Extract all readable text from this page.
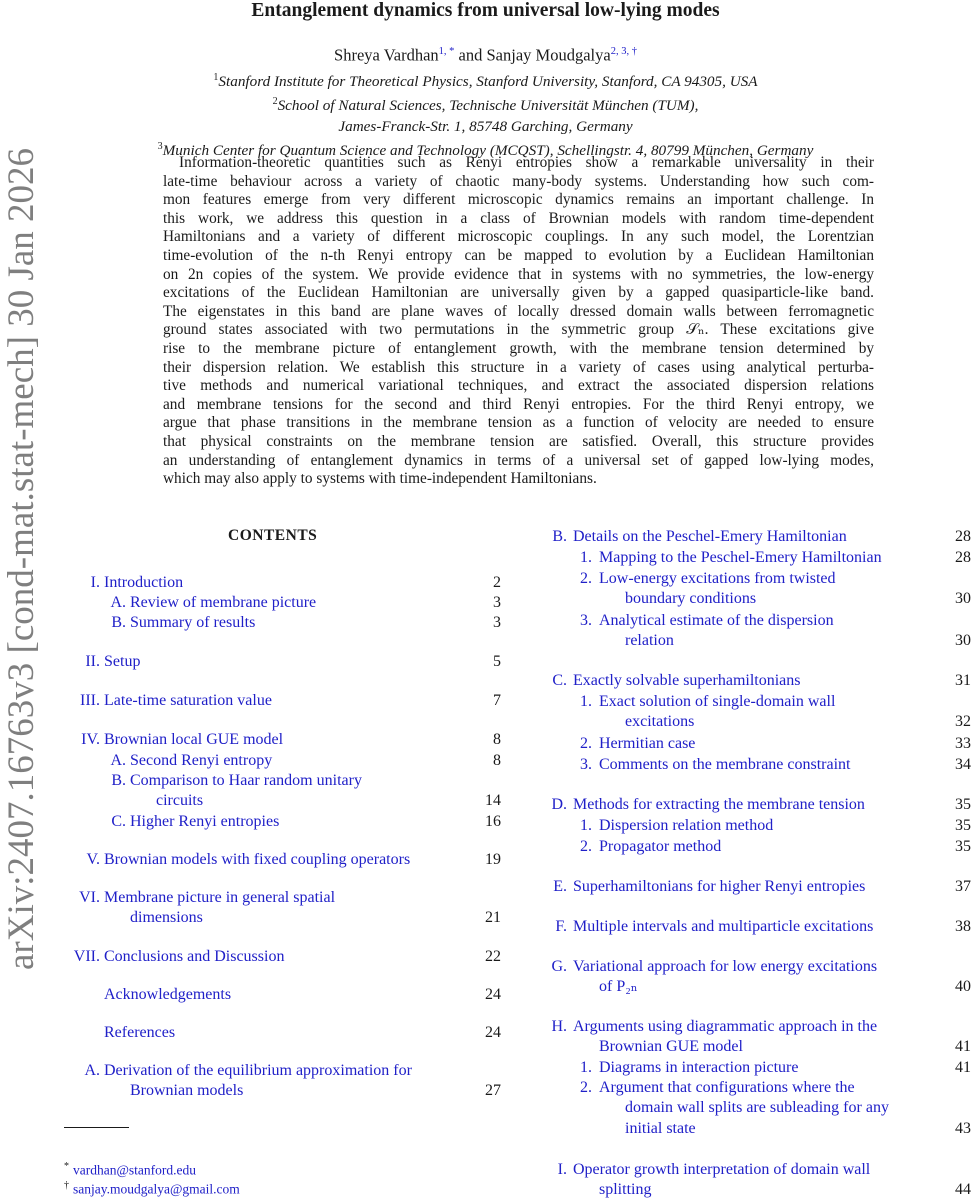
arXiv:2407.16763v3 [cond-mat.stat-mech] 30 Jan 2026
Entanglement dynamics from universal low-lying modes
Shreya Vardhan$^{1, *}$ and Sanjay Moudgalya$^{2, 3, \dagger}$
$^1$Stanford Institute for Theoretical Physics, Stanford University, Stanford, CA 94305, USA
$^2$School of Natural Sciences, Technische Universität München (TUM),
James-Franck-Str. 1, 85748 Garching, Germany
$^3$Munich Center for Quantum Science and Technology (MCQST), Schellingstr. 4, 80799 München, Germany
Information-theoretic quantities such as Renyi entropies show a remarkable universality in their
late-time behaviour across a variety of chaotic many-body systems. Understanding how such com-
mon features emerge from very different microscopic dynamics remains an important challenge. In
this work, we address this question in a class of Brownian models with random time-dependent
Hamiltonians and a variety of different microscopic couplings. In any such model, the Lorentzian
time-evolution of the n-th Renyi entropy can be mapped to evolution by a Euclidean Hamiltonian
on 2n copies of the system. We provide evidence that in systems with no symmetries, the low-energy
excitations of the Euclidean Hamiltonian are universally given by a gapped quasiparticle-like band.
The eigenstates in this band are plane waves of locally dressed domain walls between ferromagnetic
ground states associated with two permutations in the symmetric group 𝒮ₙ. These excitations give
rise to the membrane picture of entanglement growth, with the membrane tension determined by
their dispersion relation. We establish this structure in a variety of cases using analytical perturba-
tive methods and numerical variational techniques, and extract the associated dispersion relations
and membrane tensions for the second and third Renyi entropies. For the third Renyi entropy, we
argue that phase transitions in the membrane tension as a function of velocity are needed to ensure
that physical constraints on the membrane tension are satisfied. Overall, this structure provides
an understanding of entanglement dynamics in terms of a universal set of gapped low-lying modes,
which may also apply to systems with time-independent Hamiltonians.
CONTENTS
I. Introduction	2
A. Review of membrane picture	3
B. Summary of results	3
II. Setup	5
III. Late-time saturation value	7
IV. Brownian local GUE model	8
A. Second Renyi entropy	8
B. Comparison to Haar random unitary
circuits	14
C. Higher Renyi entropies	16
V. Brownian models with fixed coupling operators	19
VI. Membrane picture in general spatial
dimensions	21
VII. Conclusions and Discussion	22
Acknowledgements	24
References	24
A. Derivation of the equilibrium approximation for
Brownian models	27
B. Details on the Peschel-Emery Hamiltonian	28
1. Mapping to the Peschel-Emery Hamiltonian	28
2. Low-energy excitations from twisted
boundary conditions	30
3. Analytical estimate of the dispersion
relation	30
C. Exactly solvable superhamiltonians	31
1. Exact solution of single-domain wall
excitations	32
2. Hermitian case	33
3. Comments on the membrane constraint	34
D. Methods for extracting the membrane tension	35
1. Dispersion relation method	35
2. Propagator method	35
E. Superhamiltonians for higher Renyi entropies	37
F. Multiple intervals and multiparticle excitations	38
G. Variational approach for low energy excitations
of P₂ₙ	40
H. Arguments using diagrammatic approach in the
Brownian GUE model	41
1. Diagrams in interaction picture	41
2. Argument that configurations where the
domain wall splits are subleading for any
initial state	43
I. Operator growth interpretation of domain wall
splitting	44
* vardhan@stanford.edu
† sanjay.moudgalya@gmail.com
